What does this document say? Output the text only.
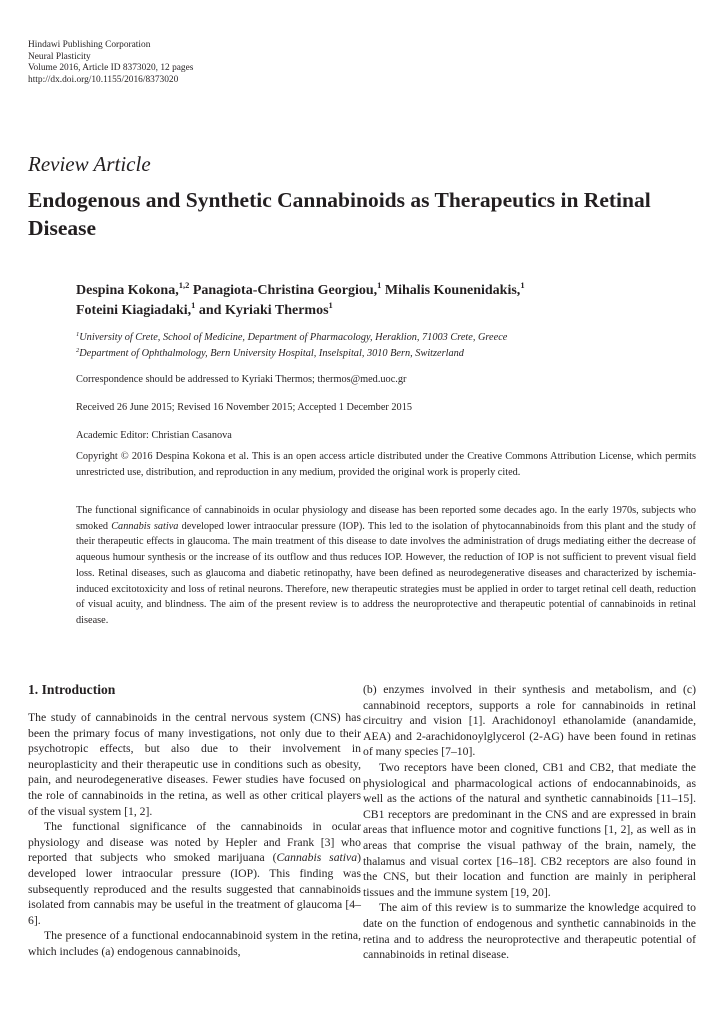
Hindawi Publishing Corporation
Neural Plasticity
Volume 2016, Article ID 8373020, 12 pages
http://dx.doi.org/10.1155/2016/8373020
Review Article
Endogenous and Synthetic Cannabinoids as Therapeutics in Retinal Disease
Despina Kokona,$^{1,2}$ Panagiota-Christina Georgiou,$^1$ Mihalis Kounenidakis,$^1$
Foteini Kiagiadaki,$^1$ and Kyriaki Thermos$^1$
$^1$University of Crete, School of Medicine, Department of Pharmacology, Heraklion, 71003 Crete, Greece
$^2$Department of Ophthalmology, Bern University Hospital, Inselspital, 3010 Bern, Switzerland
Correspondence should be addressed to Kyriaki Thermos; thermos@med.uoc.gr
Received 26 June 2015; Revised 16 November 2015; Accepted 1 December 2015
Academic Editor: Christian Casanova
Copyright © 2016 Despina Kokona et al. This is an open access article distributed under the Creative Commons Attribution License, which permits unrestricted use, distribution, and reproduction in any medium, provided the original work is properly cited.
The functional significance of cannabinoids in ocular physiology and disease has been reported some decades ago. In the early 1970s, subjects who smoked Cannabis sativa developed lower intraocular pressure (IOP). This led to the isolation of phytocannabinoids from this plant and the study of their therapeutic effects in glaucoma. The main treatment of this disease to date involves the administration of drugs mediating either the decrease of aqueous humour synthesis or the increase of its outflow and thus reduces IOP. However, the reduction of IOP is not sufficient to prevent visual field loss. Retinal diseases, such as glaucoma and diabetic retinopathy, have been defined as neurodegenerative diseases and characterized by ischemia-induced excitotoxicity and loss of retinal neurons. Therefore, new therapeutic strategies must be applied in order to target retinal cell death, reduction of visual acuity, and blindness. The aim of the present review is to address the neuroprotective and therapeutic potential of cannabinoids in retinal disease.
1. Introduction

The study of cannabinoids in the central nervous system (CNS) has been the primary focus of many investigations, not only due to their psychotropic effects, but also due to their involvement in neuroplasticity and their therapeutic use in conditions such as obesity, pain, and neurodegenerative diseases. Fewer studies have focused on the role of cannabinoids in the retina, as well as other critical players of the visual system [1, 2].

The functional significance of the cannabinoids in ocular physiology and disease was noted by Hepler and Frank [3] who reported that subjects who smoked marijuana (Cannabis sativa) developed lower intraocular pressure (IOP). This finding was subsequently reproduced and the results suggested that cannabinoids isolated from cannabis may be useful in the treatment of glaucoma [4–6].

The presence of a functional endocannabinoid system in the retina, which includes (a) endogenous cannabinoids,

(b) enzymes involved in their synthesis and metabolism, and (c) cannabinoid receptors, supports a role for cannabinoids in retinal circuitry and vision [1]. Arachidonoyl ethanolamide (anandamide, AEA) and 2-arachidonoylglycerol (2-AG) have been found in retinas of many species [7–10].

Two receptors have been cloned, CB1 and CB2, that mediate the physiological and pharmacological actions of endocannabinoids, as well as the actions of the natural and synthetic cannabinoids [11–15]. CB1 receptors are predominant in the CNS and are expressed in brain areas that influence motor and cognitive functions [1, 2], as well as in areas that comprise the visual pathway of the brain, namely, the thalamus and visual cortex [16–18]. CB2 receptors are also found in the CNS, but their location and function are mainly in peripheral tissues and the immune system [19, 20].

The aim of this review is to summarize the knowledge acquired to date on the function of endogenous and synthetic cannabinoids in the retina and to address the neuroprotective and therapeutic potential of cannabinoids in retinal disease.
